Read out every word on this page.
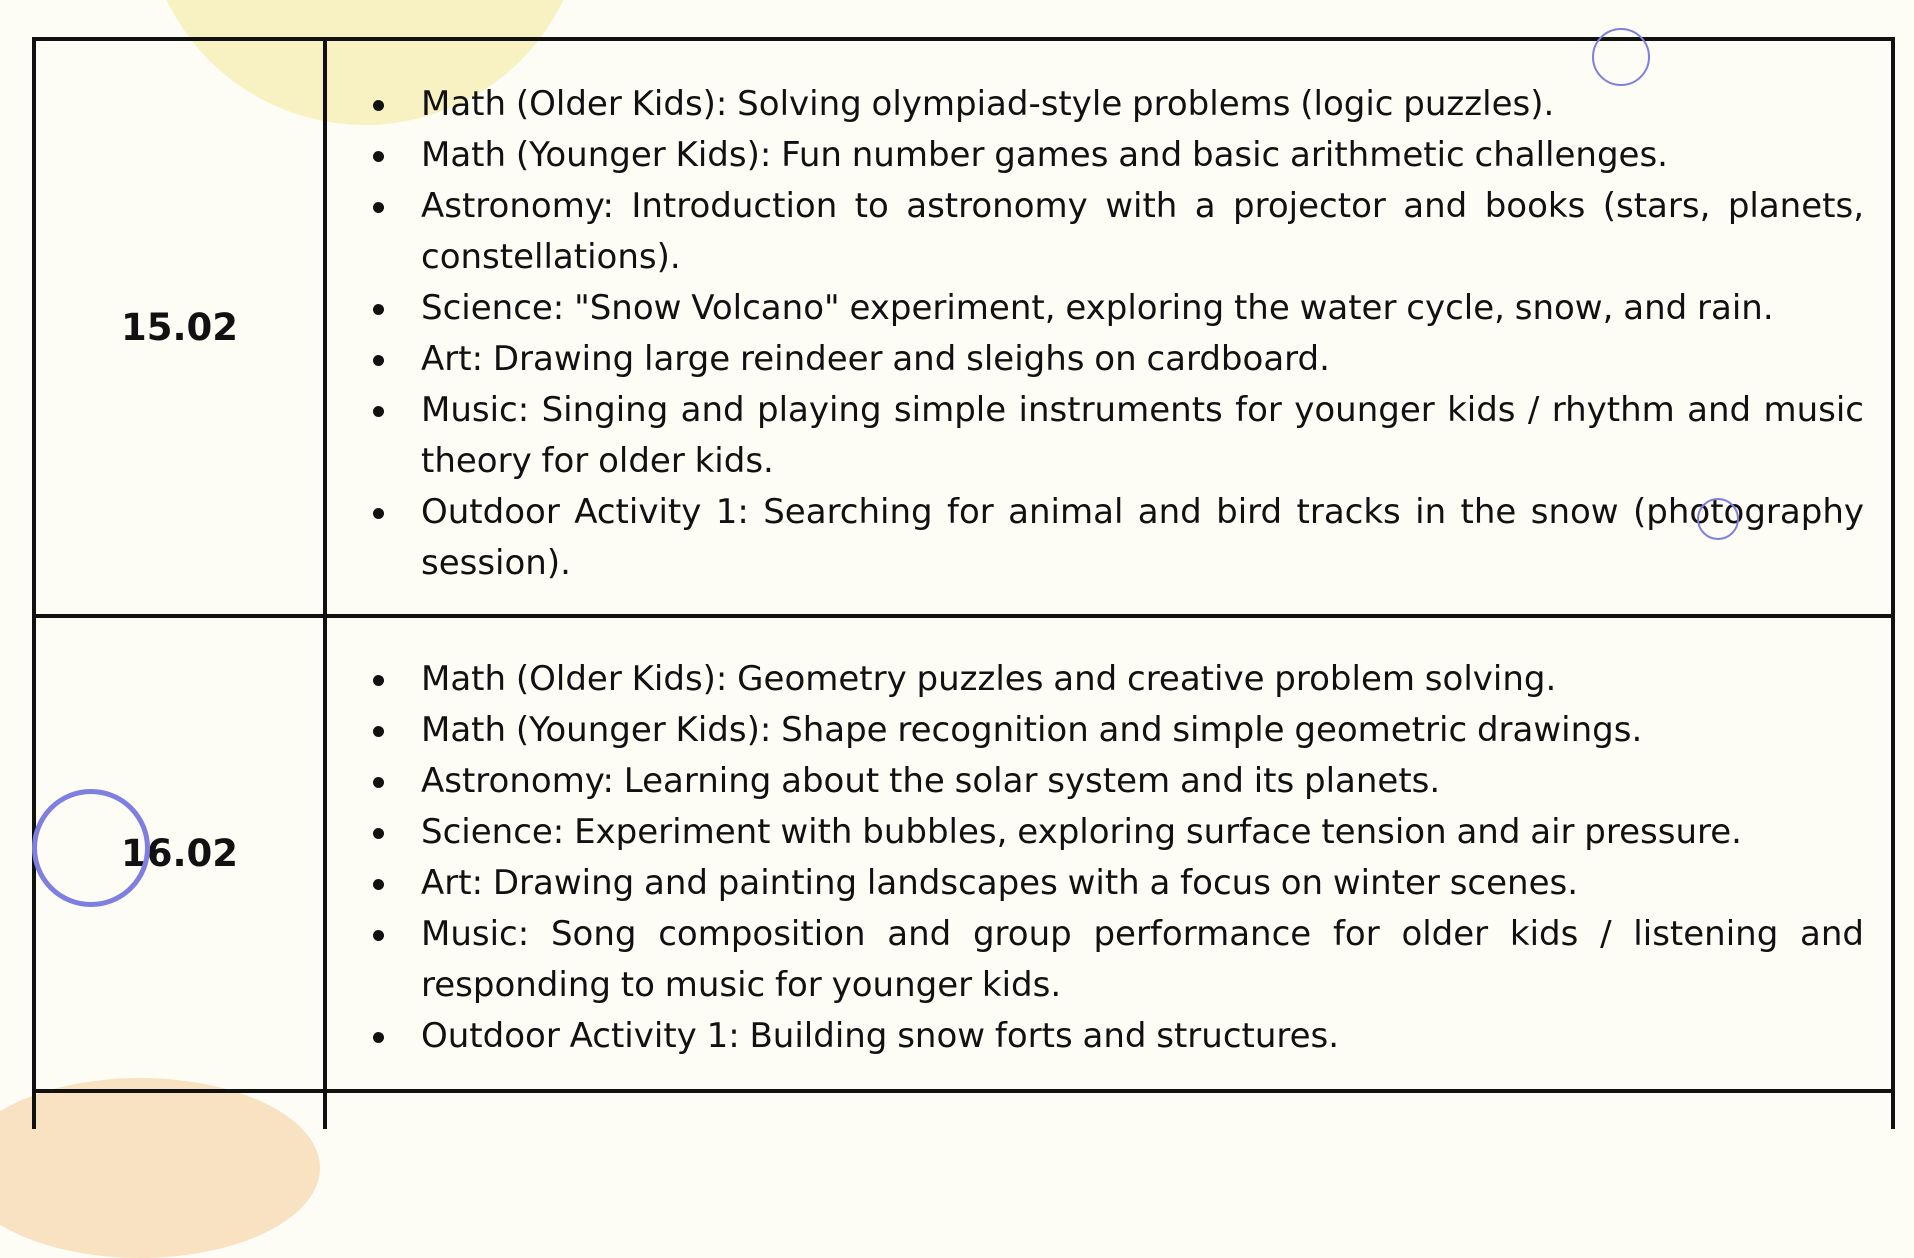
15.02
Math (Older Kids): Solving olympiad-style problems (logic puzzles).
Math (Younger Kids): Fun number games and basic arithmetic challenges.
Astronomy: Introduction to astronomy with a projector and books (stars, planets, constellations).
Science: "Snow Volcano" experiment, exploring the water cycle, snow, and rain.
Art: Drawing large reindeer and sleighs on cardboard.
Music: Singing and playing simple instruments for younger kids / rhythm and music theory for older kids.
Outdoor Activity 1: Searching for animal and bird tracks in the snow (photography session).
16.02
Math (Older Kids): Geometry puzzles and creative problem solving.
Math (Younger Kids): Shape recognition and simple geometric drawings.
Astronomy: Learning about the solar system and its planets.
Science: Experiment with bubbles, exploring surface tension and air pressure.
Art: Drawing and painting landscapes with a focus on winter scenes.
Music: Song composition and group performance for older kids / listening and responding to music for younger kids.
Outdoor Activity 1: Building snow forts and structures.
